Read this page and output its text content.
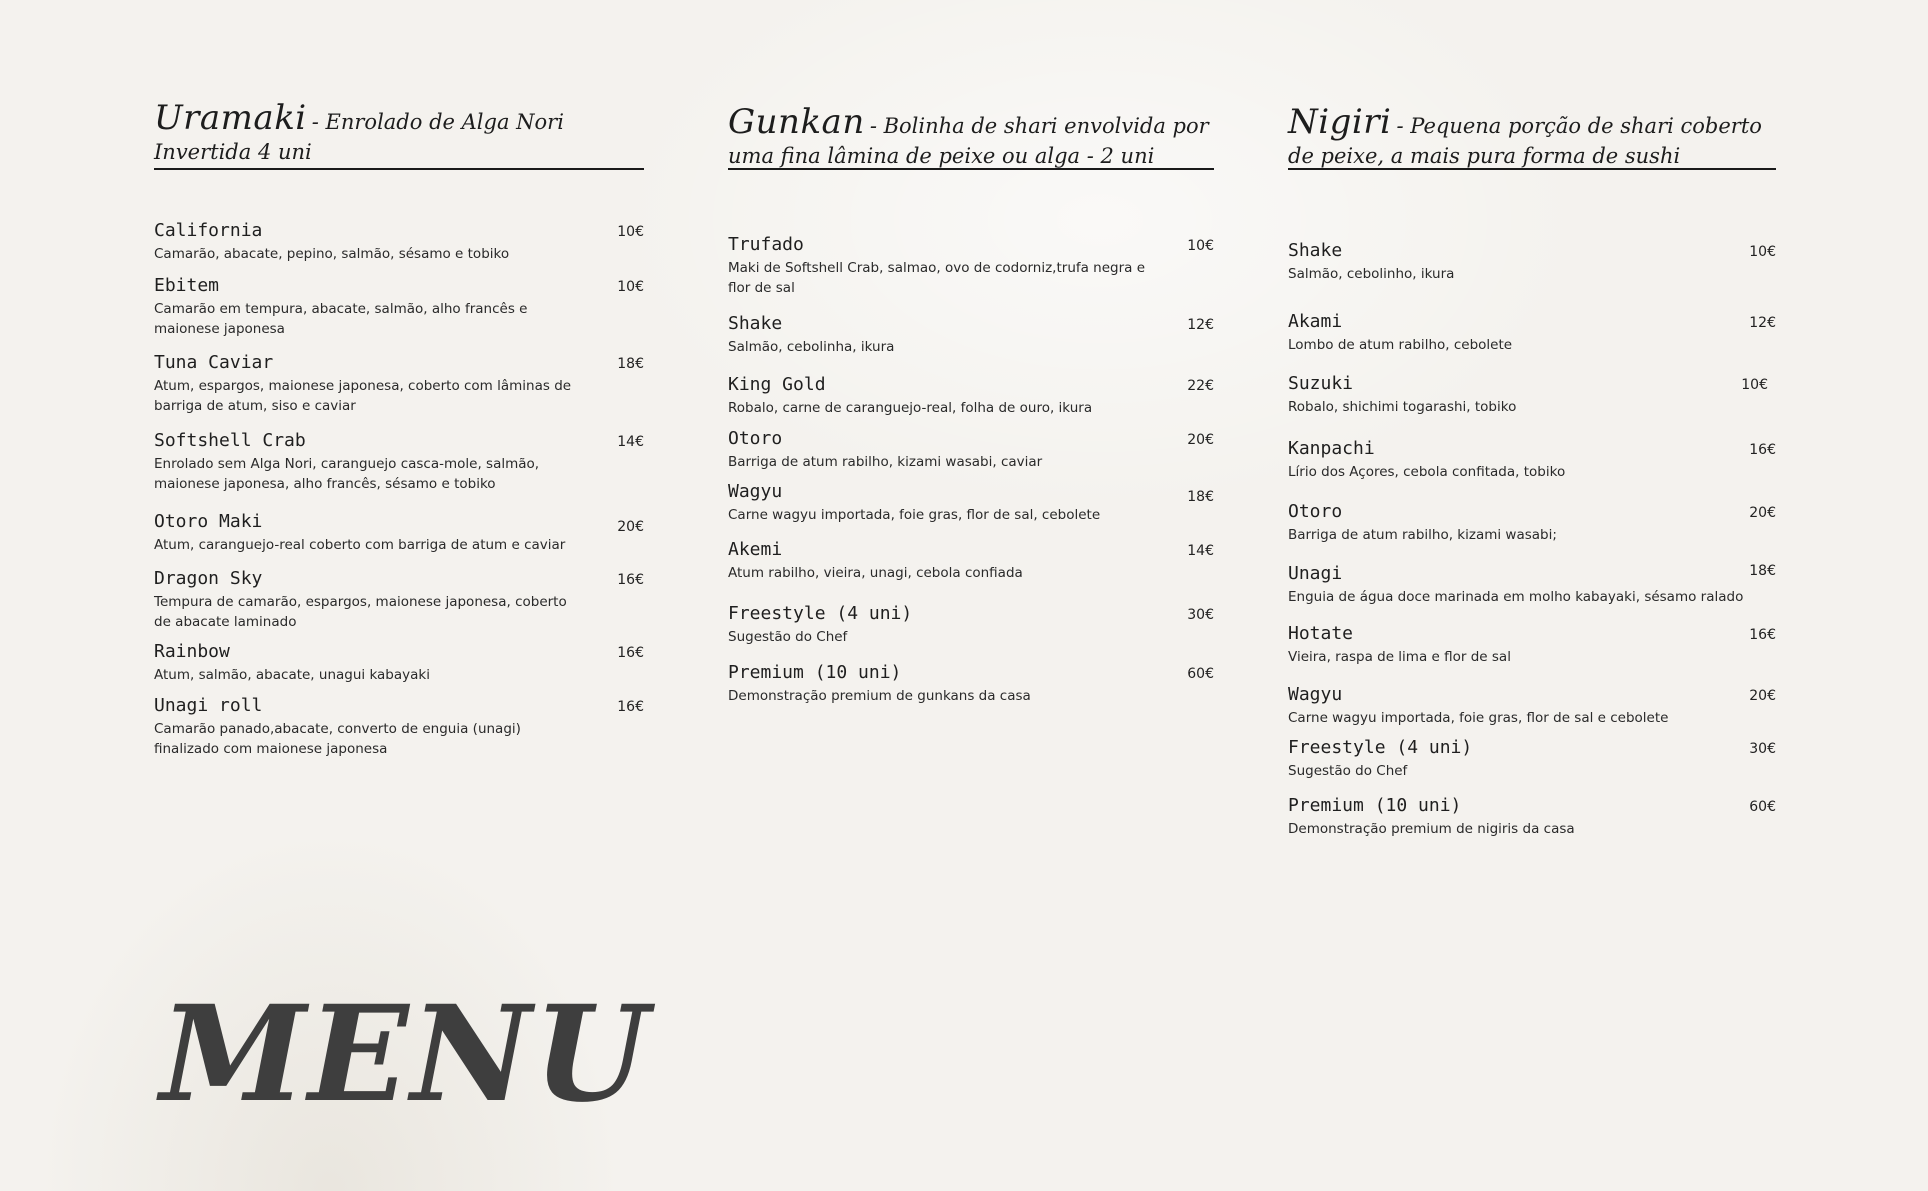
Uramaki - Enrolado de Alga Nori Invertida 4 uni
California
Camarão, abacate, pepino, salmão, sésamo e tobiko
10€
Ebitem
Camarão em tempura, abacate, salmão, alho francês e maionese japonesa
10€
Tuna Caviar
Atum, espargos, maionese japonesa, coberto com lâminas de barriga de atum, siso e caviar
18€
Softshell Crab
Enrolado sem Alga Nori, caranguejo casca-mole, salmão, maionese japonesa, alho francês, sésamo e tobiko
14€
Otoro Maki
Atum, caranguejo-real coberto com barriga de atum e caviar
20€
Dragon Sky
Tempura de camarão, espargos, maionese japonesa, coberto de abacate laminado
16€
Rainbow
Atum, salmão, abacate, unagui kabayaki
16€
Unagi roll
Camarão panado,abacate, converto de enguia (unagi) finalizado com maionese japonesa
16€
Gunkan - Bolinha de shari envolvida por uma fina lâmina de peixe ou alga - 2 uni
Trufado
Maki de Softshell Crab, salmao, ovo de codorniz,trufa negra e flor de sal
10€
Shake
Salmão, cebolinha, ikura
12€
King Gold
Robalo, carne de caranguejo-real, folha de ouro, ikura
22€
Otoro
Barriga de atum rabilho, kizami wasabi, caviar
20€
Wagyu
Carne wagyu importada, foie gras, flor de sal, cebolete
18€
Akemi
Atum rabilho, vieira, unagi, cebola confiada
14€
Freestyle (4 uni)
Sugestão do Chef
30€
Premium (10 uni)
Demonstração premium de gunkans da casa
60€
Nigiri - Pequena porção de shari coberto de peixe, a mais pura forma de sushi
Shake
Salmão, cebolinho, ikura
10€
Akami
Lombo de atum rabilho, cebolete
12€
Suzuki
Robalo, shichimi togarashi, tobiko
10€
Kanpachi
Lírio dos Açores, cebola confitada, tobiko
16€
Otoro
Barriga de atum rabilho, kizami wasabi;
20€
Unagi
Enguia de água doce marinada em molho kabayaki, sésamo ralado
18€
Hotate
Vieira, raspa de lima e flor de sal
16€
Wagyu
Carne wagyu importada, foie gras, flor de sal e cebolete
20€
Freestyle (4 uni)
Sugestão do Chef
30€
Premium (10 uni)
Demonstração premium de nigiris da casa
60€
MENU
